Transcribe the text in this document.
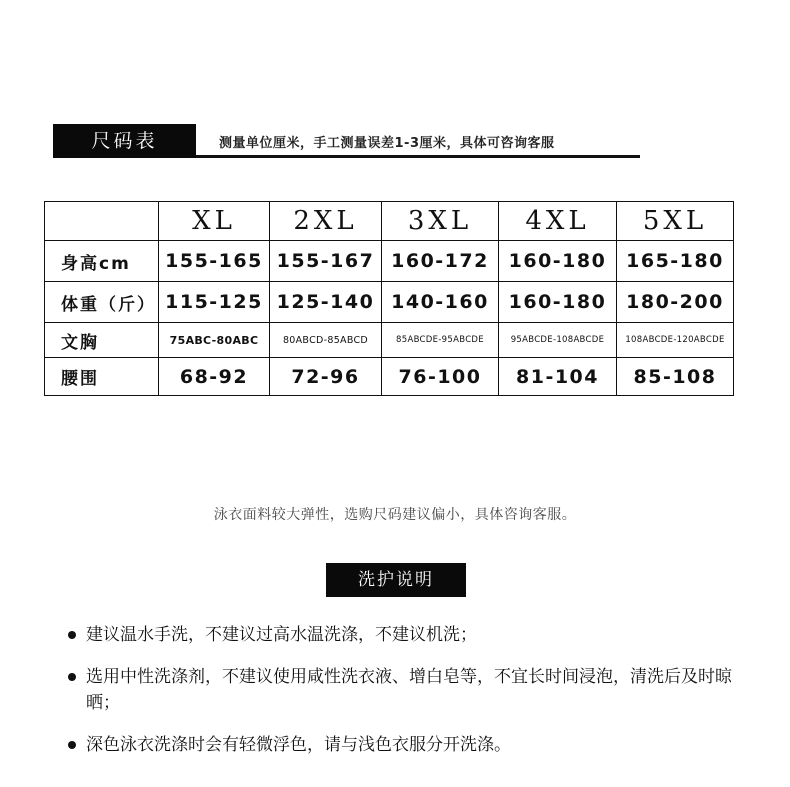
尺码表	测量单位厘米，手工测量误差1-3厘米，具体可咨询客服
	XL	2XL	3XL	4XL	5XL
身高cm	155-165	155-167	160-172	160-180	165-180
体重（斤）	115-125	125-140	140-160	160-180	180-200
文胸	75ABC-80ABC	80ABCD-85ABCD	85ABCDE-95ABCDE	95ABCDE-108ABCDE	108ABCDE-120ABCDE
腰围	68-92	72-96	76-100	81-104	85-108
泳衣面料较大弹性，选购尺码建议偏小，具体咨询客服。
洗护说明
建议温水手洗，不建议过高水温洗涤，不建议机洗；
选用中性洗涤剂，不建议使用咸性洗衣液、增白皂等，不宜长时间浸泡，清洗后及时晾晒；
深色泳衣洗涤时会有轻微浮色，请与浅色衣服分开洗涤。
